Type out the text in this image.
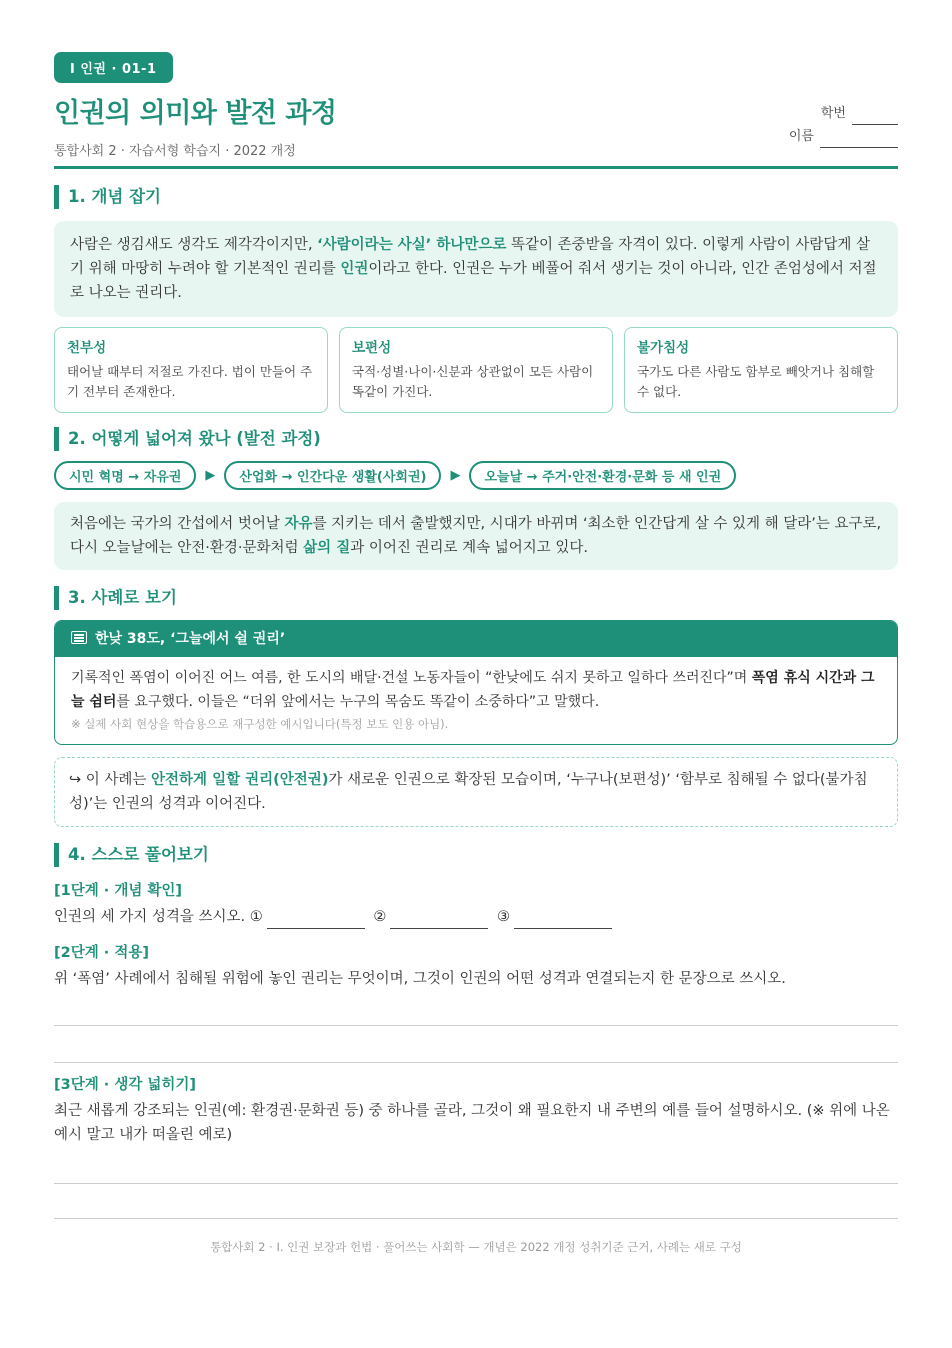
Ⅰ 인권 · 01-1
인권의 의미와 발전 과정
통합사회 2 · 자습서형 학습지 · 2022 개정
학번
이름
1. 개념 잡기
사람은 생김새도 생각도 제각각이지만, ‘사람이라는 사실’ 하나만으로 똑같이 존중받을 자격이 있다. 이렇게 사람이 사람답게 살기 위해 마땅히 누려야 할 기본적인 권리를 인권이라고 한다. 인권은 누가 베풀어 줘서 생기는 것이 아니라, 인간 존엄성에서 저절로 나오는 권리다.
천부성
태어날 때부터 저절로 가진다. 법이 만들어 주기 전부터 존재한다.
보편성
국적·성별·나이·신분과 상관없이 모든 사람이 똑같이 가진다.
불가침성
국가도 다른 사람도 함부로 빼앗거나 침해할 수 없다.
2. 어떻게 넓어져 왔나 (발전 과정)
시민 혁명 → 자유권	▶	산업화 → 인간다운 생활(사회권)	▶	오늘날 → 주거·안전·환경·문화 등 새 인권
처음에는 국가의 간섭에서 벗어날 자유를 지키는 데서 출발했지만, 시대가 바뀌며 ‘최소한 인간답게 살 수 있게 해 달라’는 요구로, 다시 오늘날에는 안전·환경·문화처럼 삶의 질과 이어진 권리로 계속 넓어지고 있다.
3. 사례로 보기
한낮 38도, ‘그늘에서 쉴 권리’
기록적인 폭염이 이어진 어느 여름, 한 도시의 배달·건설 노동자들이 “한낮에도 쉬지 못하고 일하다 쓰러진다”며 폭염 휴식 시간과 그늘 쉼터를 요구했다. 이들은 “더위 앞에서는 누구의 목숨도 똑같이 소중하다”고 말했다.
※ 실제 사회 현상을 학습용으로 재구성한 예시입니다(특정 보도 인용 아님).
↪ 이 사례는 안전하게 일할 권리(안전권)가 새로운 인권으로 확장된 모습이며, ‘누구나(보편성)’ ‘함부로 침해될 수 없다(불가침성)’는 인권의 성격과 이어진다.
4. 스스로 풀어보기
[1단계 · 개념 확인]
인권의 세 가지 성격을 쓰시오. ①	②	③
[2단계 · 적용]
위 ‘폭염’ 사례에서 침해될 위험에 놓인 권리는 무엇이며, 그것이 인권의 어떤 성격과 연결되는지 한 문장으로 쓰시오.
[3단계 · 생각 넓히기]
최근 새롭게 강조되는 인권(예: 환경권·문화권 등) 중 하나를 골라, 그것이 왜 필요한지 내 주변의 예를 들어 설명하시오. (※ 위에 나온 예시 말고 내가 떠올린 예로)
통합사회 2 · Ⅰ. 인권 보장과 헌법 · 풀어쓰는 사회학 — 개념은 2022 개정 성취기준 근거, 사례는 새로 구성
